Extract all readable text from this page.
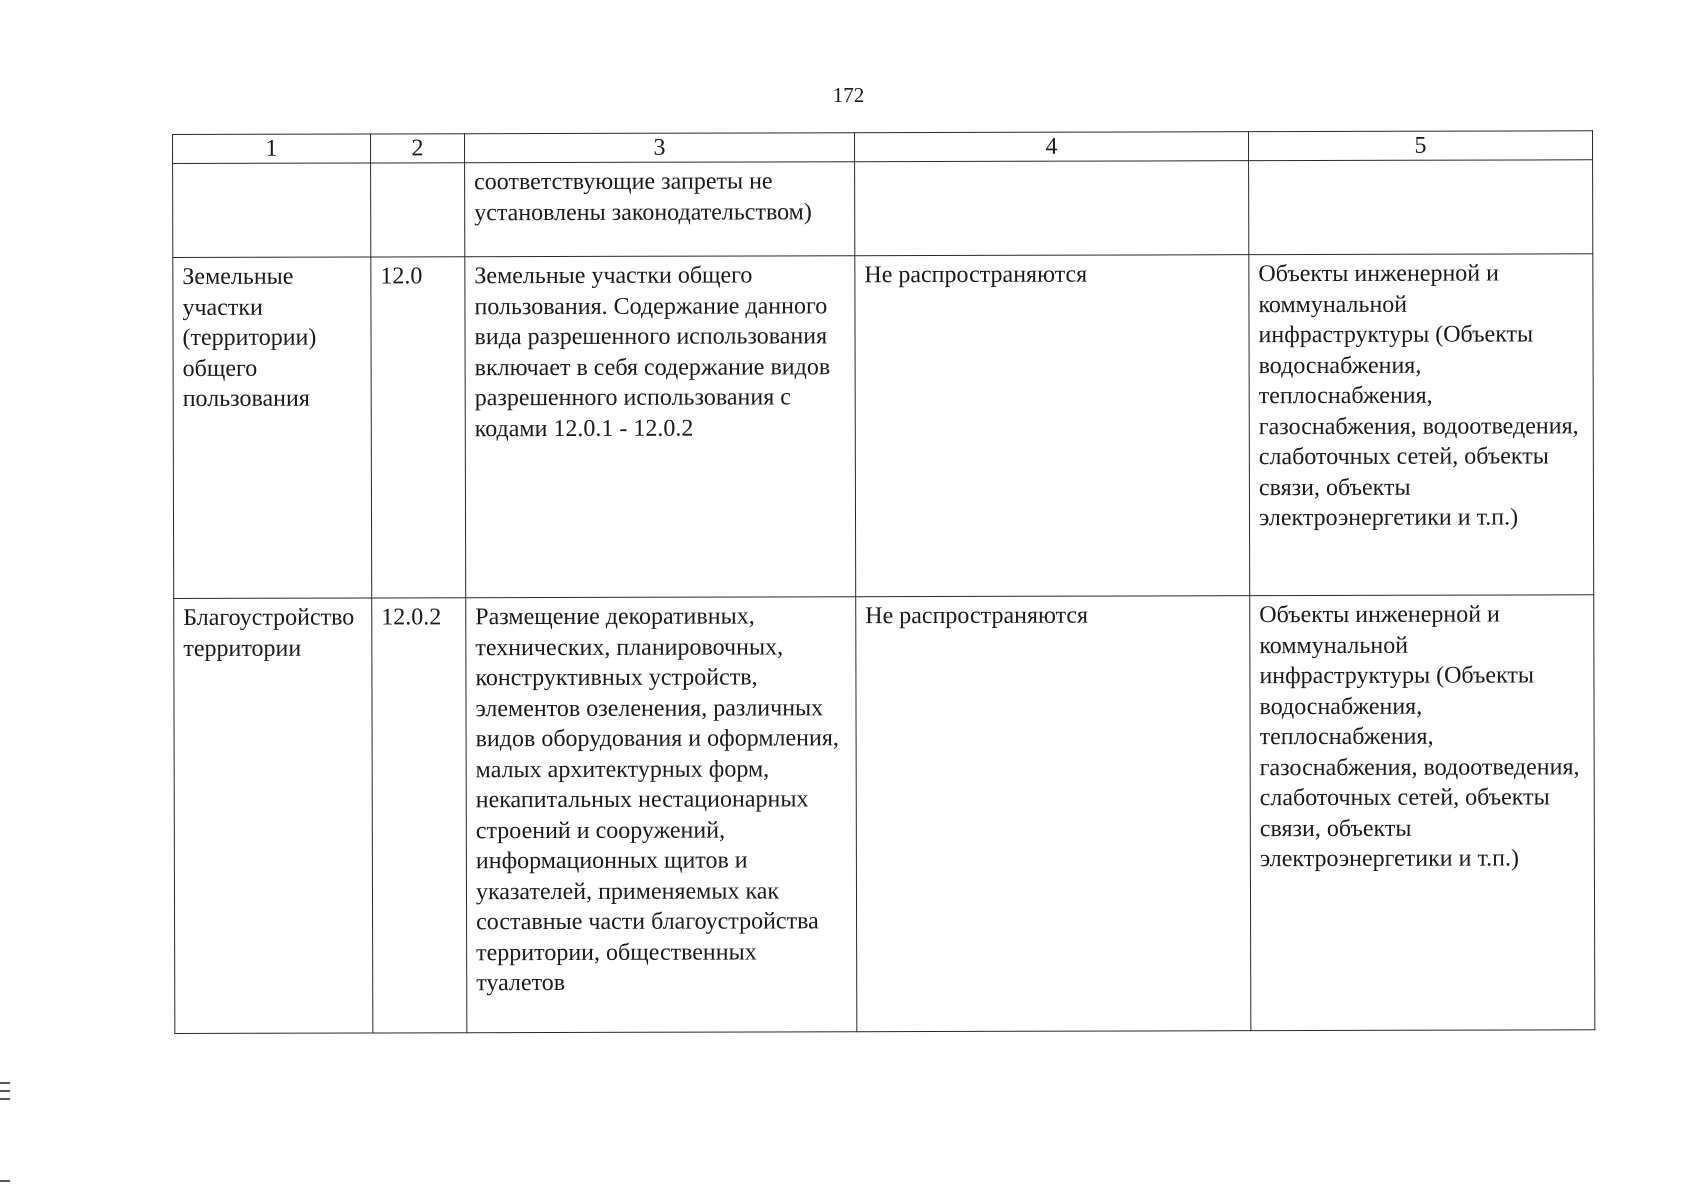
172
1	2	3	4	5
		соответствующие запреты не установлены законодательством)		
Земельные участки (территории) общего пользования	12.0	Земельные участки общего пользования. Содержание данного вида разрешенного использования включает в себя содержание видов разрешенного использования с кодами 12.0.1 - 12.0.2	Не распространяются	Объекты инженерной и коммунальной инфраструктуры (Объекты водоснабжения, теплоснабжения, газоснабжения, водоотведения, слаботочных сетей, объекты связи, объекты электроэнергетики и т.п.)
Благоустройство территории	12.0.2	Размещение декоративных, технических, планировочных, конструктивных устройств, элементов озеленения, различных видов оборудования и оформления, малых архитектурных форм, некапитальных нестационарных строений и сооружений, информационных щитов и указателей, применяемых как составные части благоустройства территории, общественных туалетов	Не распространяются	Объекты инженерной и коммунальной инфраструктуры (Объекты водоснабжения, теплоснабжения, газоснабжения, водоотведения, слаботочных сетей, объекты связи, объекты электроэнергетики и т.п.)
